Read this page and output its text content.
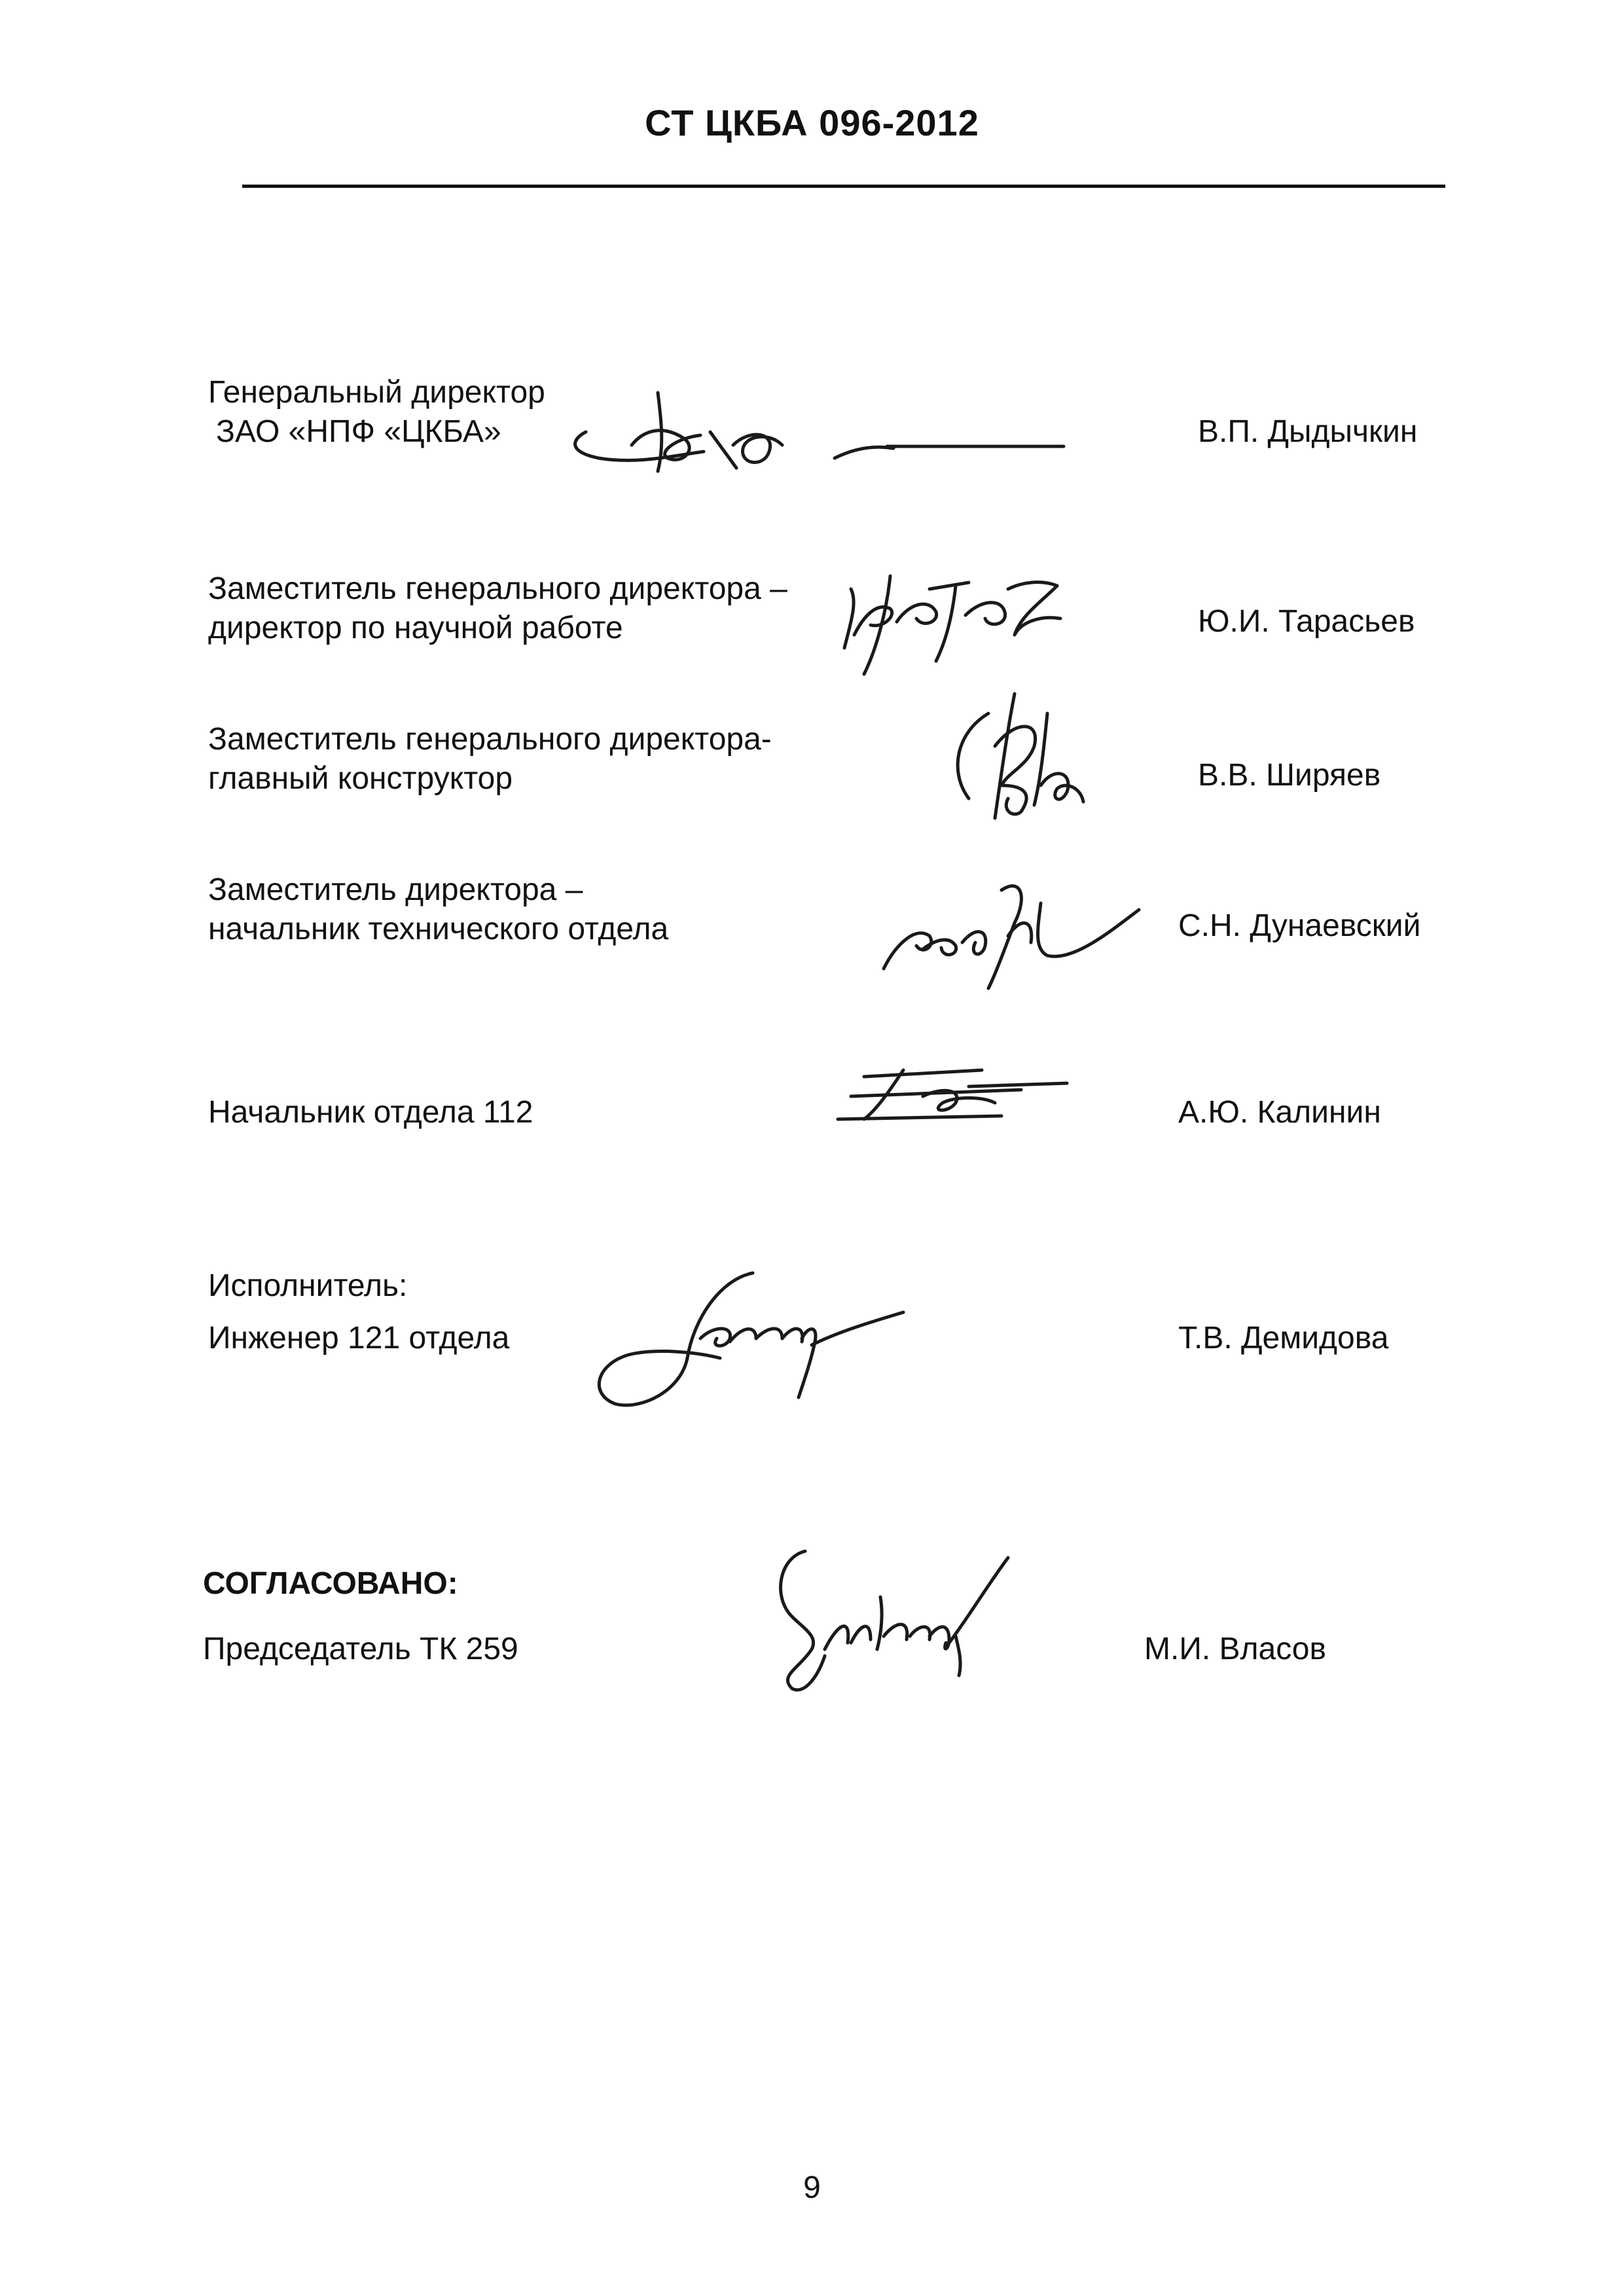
СТ ЦКБА 096-2012
Генеральный директор
ЗАО «НПФ «ЦКБА»	В.П. Дыдычкин
Заместитель генерального директора –
директор по научной работе	Ю.И. Тарасьев
Заместитель генерального директора-
главный конструктор	В.В. Ширяев
Заместитель директора –
начальник технического отдела	С.Н. Дунаевский
Начальник отдела 112	А.Ю. Калинин
Исполнитель:
Инженер 121 отдела	Т.В. Демидова
СОГЛАСОВАНО:
Председатель ТК 259	М.И. Власов
9
